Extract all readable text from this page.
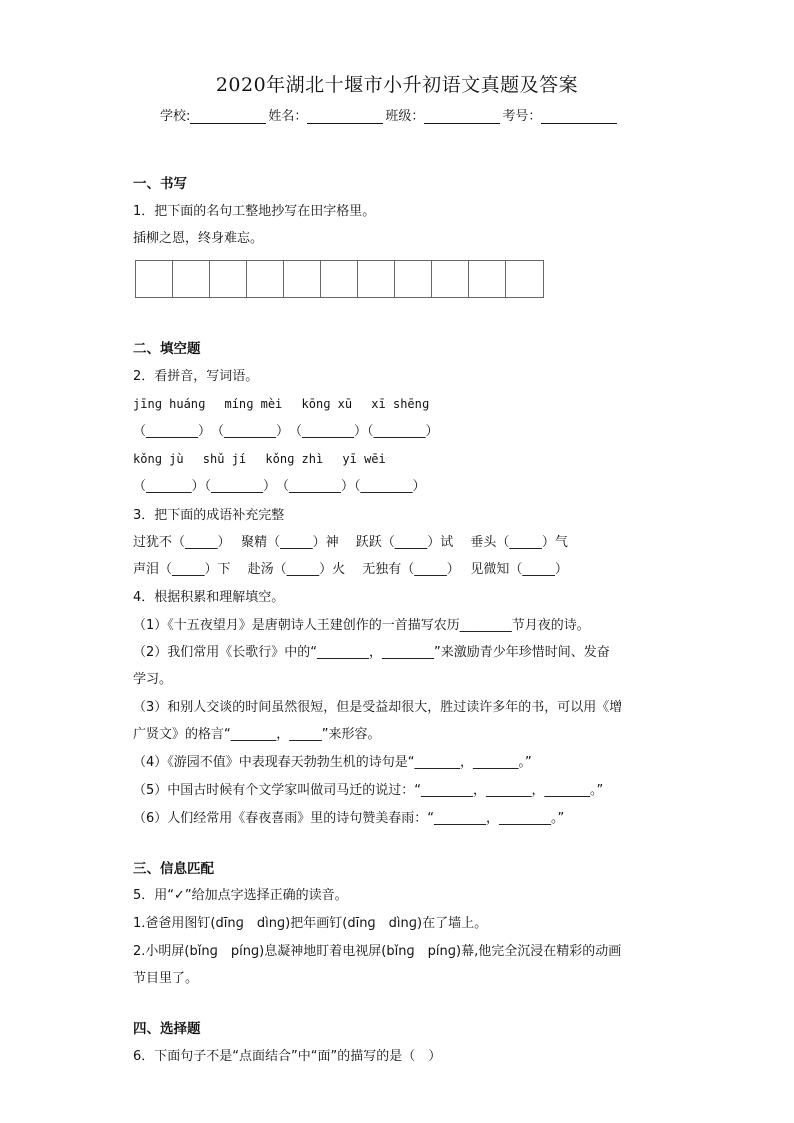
2020年湖北十堰市小升初语文真题及答案
学校:	姓名：	班级：	考号：
一、书写
1．把下面的名句工整地抄写在田字格里。
插柳之恩，终身难忘。
二、填空题
2．看拼音，写词语。
jīnɡ huánɡ　 mínɡ mèi　 kōnɡ xū　 xī shēnɡ
（________）　（________）　（________）（________）
kǒnɡ jù　 shǔ jí　 kǒnɡ zhì　 yī wēi
（_______）（________）　（________）（________）
3．把下面的成语补充完整
过犹不（_____）　 聚精（_____）神　 跃跃（_____）试　 垂头（_____）气
声泪（_____）下　 赴汤（_____）火　 无独有（_____）　 见微知（_____）
4．根据积累和理解填空。
（1）《十五夜望月》是唐朝诗人王建创作的一首描写农历________节月夜的诗。
（2）我们常用《长歌行》中的“________，________”来激励青少年珍惜时间、发奋
学习。
（3）和别人交谈的时间虽然很短，但是受益却很大，胜过读许多年的书，可以用《增
广贤文》的格言“_______，_____”来形容。
（4）《游园不值》中表现春天勃勃生机的诗句是“_______，_______。”
（5）中国古时候有个文学家叫做司马迁的说过：“________，_______，_______。”
（6）人们经常用《春夜喜雨》里的诗句赞美春雨：“________，________。”
三、信息匹配
5．用“✓”给加点字选择正确的读音。
1.爸爸用图钉(dīnɡ　dìnɡ)把年画钉(dīnɡ　dìnɡ)在了墙上。
2.小明屏(bǐnɡ　pínɡ)息凝神地盯着电视屏(bǐnɡ　pínɡ)幕,他完全沉浸在精彩的动画
节目里了。
四、选择题
6．下面句子不是“点面结合”中“面”的描写的是（　）
